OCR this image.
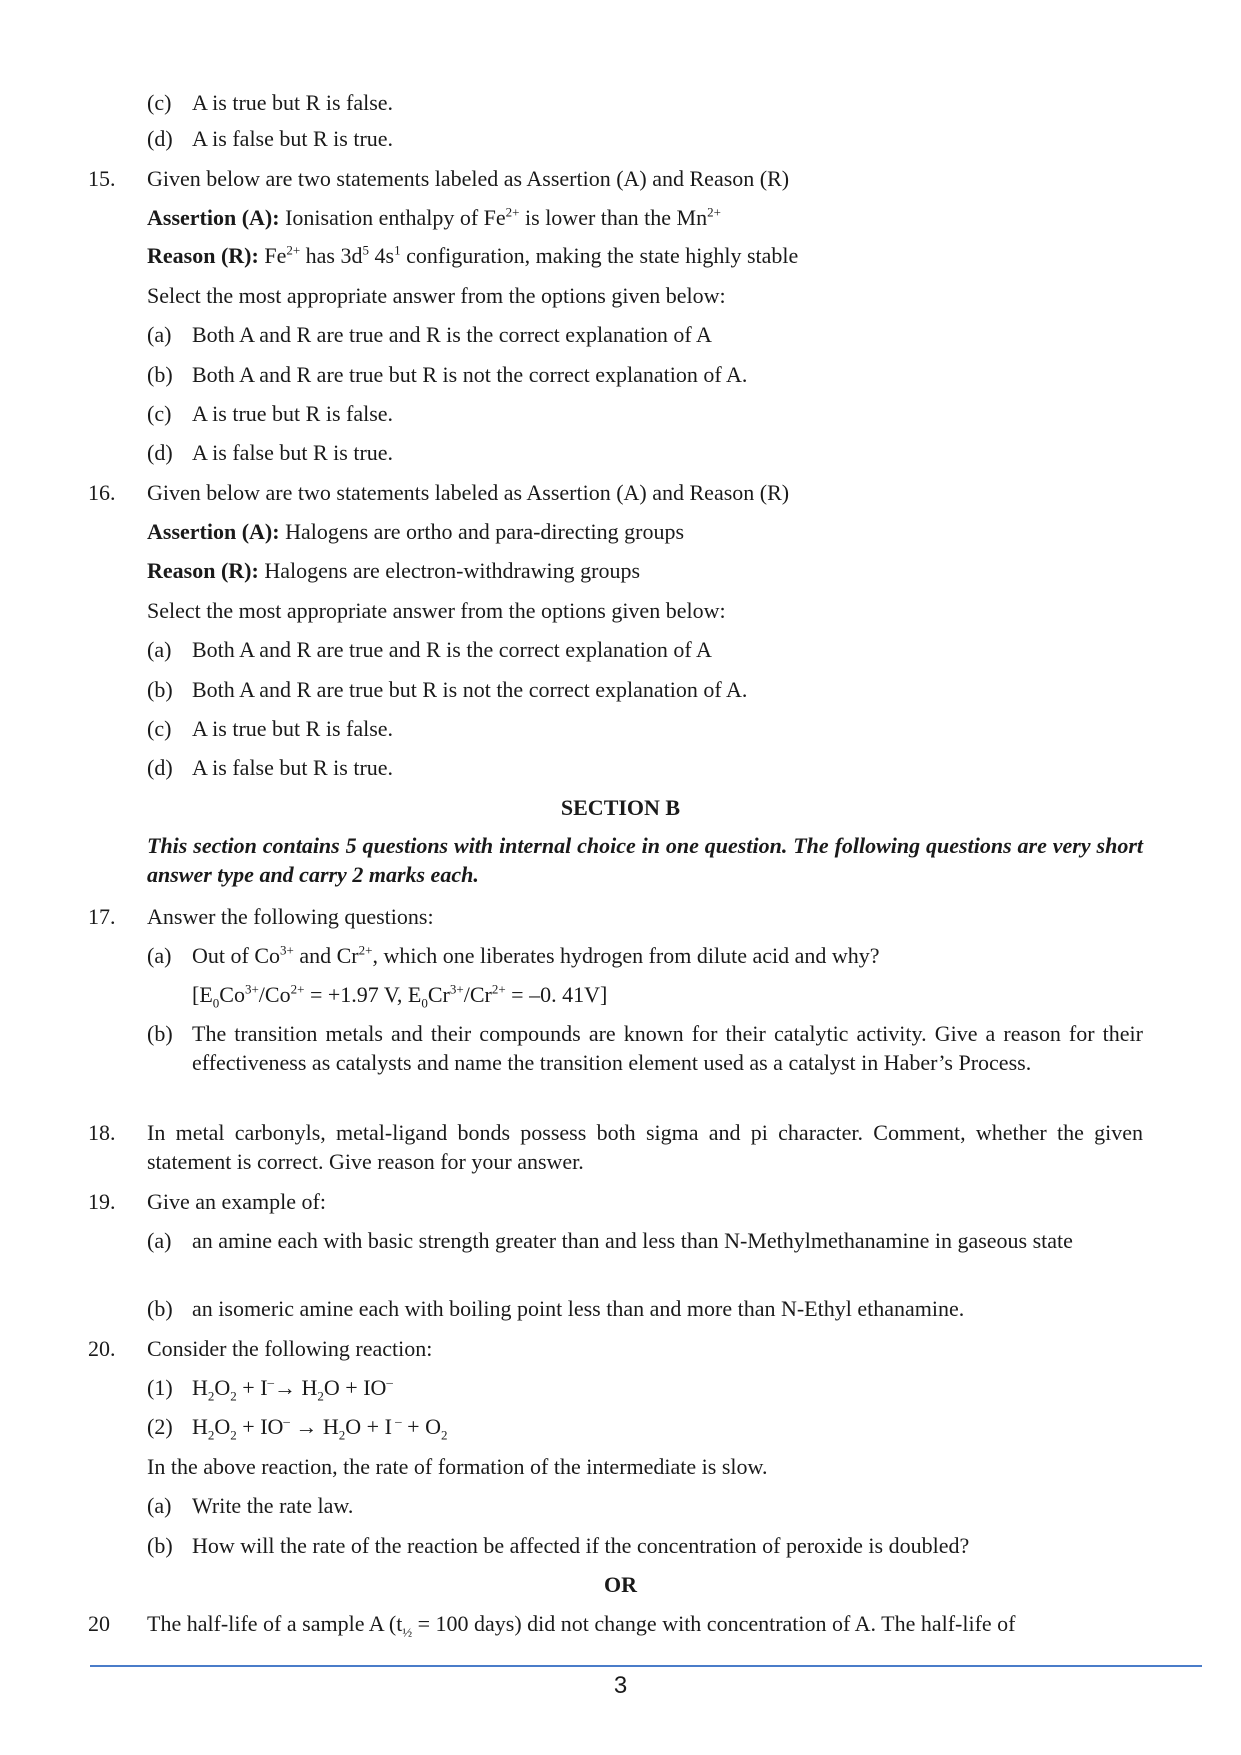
(c) A is true but R is false.
(d) A is false but R is true.
15. Given below are two statements labeled as Assertion (A) and Reason (R)
Assertion (A): Ionisation enthalpy of $Fe^{2+}$ is lower than the $Mn^{2+}$
Reason (R): $Fe^{2+}$ has $3d^5$ $4s^1$ configuration, making the state highly stable
Select the most appropriate answer from the options given below:
(a) Both A and R are true and R is the correct explanation of A
(b) Both A and R are true but R is not the correct explanation of A.
(c) A is true but R is false.
(d) A is false but R is true.
16. Given below are two statements labeled as Assertion (A) and Reason (R)
Assertion (A): Halogens are ortho and para-directing groups
Reason (R): Halogens are electron-withdrawing groups
Select the most appropriate answer from the options given below:
(a) Both A and R are true and R is the correct explanation of A
(b) Both A and R are true but R is not the correct explanation of A.
(c) A is true but R is false.
(d) A is false but R is true.
SECTION B
This section contains 5 questions with internal choice in one question. The following questions are very short answer type and carry 2 marks each.
17. Answer the following questions:
(a) Out of $Co^{3+}$ and $Cr^{2+}$, which one liberates hydrogen from dilute acid and why?
[$E_0Co^{3+}/Co^{2+} = +1.97$ V, $E_0Cr^{3+}/Cr^{2+} = -0$. 41V]
(b) The transition metals and their compounds are known for their catalytic activity. Give a reason for their effectiveness as catalysts and name the transition element used as a catalyst in Haber’s Process.
18. In metal carbonyls, metal-ligand bonds possess both sigma and pi character. Comment, whether the given statement is correct. Give reason for your answer.
19. Give an example of:
(a) an amine each with basic strength greater than and less than N-Methylmethanamine in gaseous state
(b) an isomeric amine each with boiling point less than and more than N-Ethyl ethanamine.
20. Consider the following reaction:
(1) $H_2O_2 + I^-\to H_2O + IO^-$
(2) $H_2O_2 + IO^- \to H_2O + I$ $^- + O_2$
In the above reaction, the rate of formation of the intermediate is slow.
(a) Write the rate law.
(b) How will the rate of the reaction be affected if the concentration of peroxide is doubled?
OR
20 The half-life of a sample A ($t_{\frac{1}{2}} = 100$ days) did not change with concentration of A. The half-life of
3
